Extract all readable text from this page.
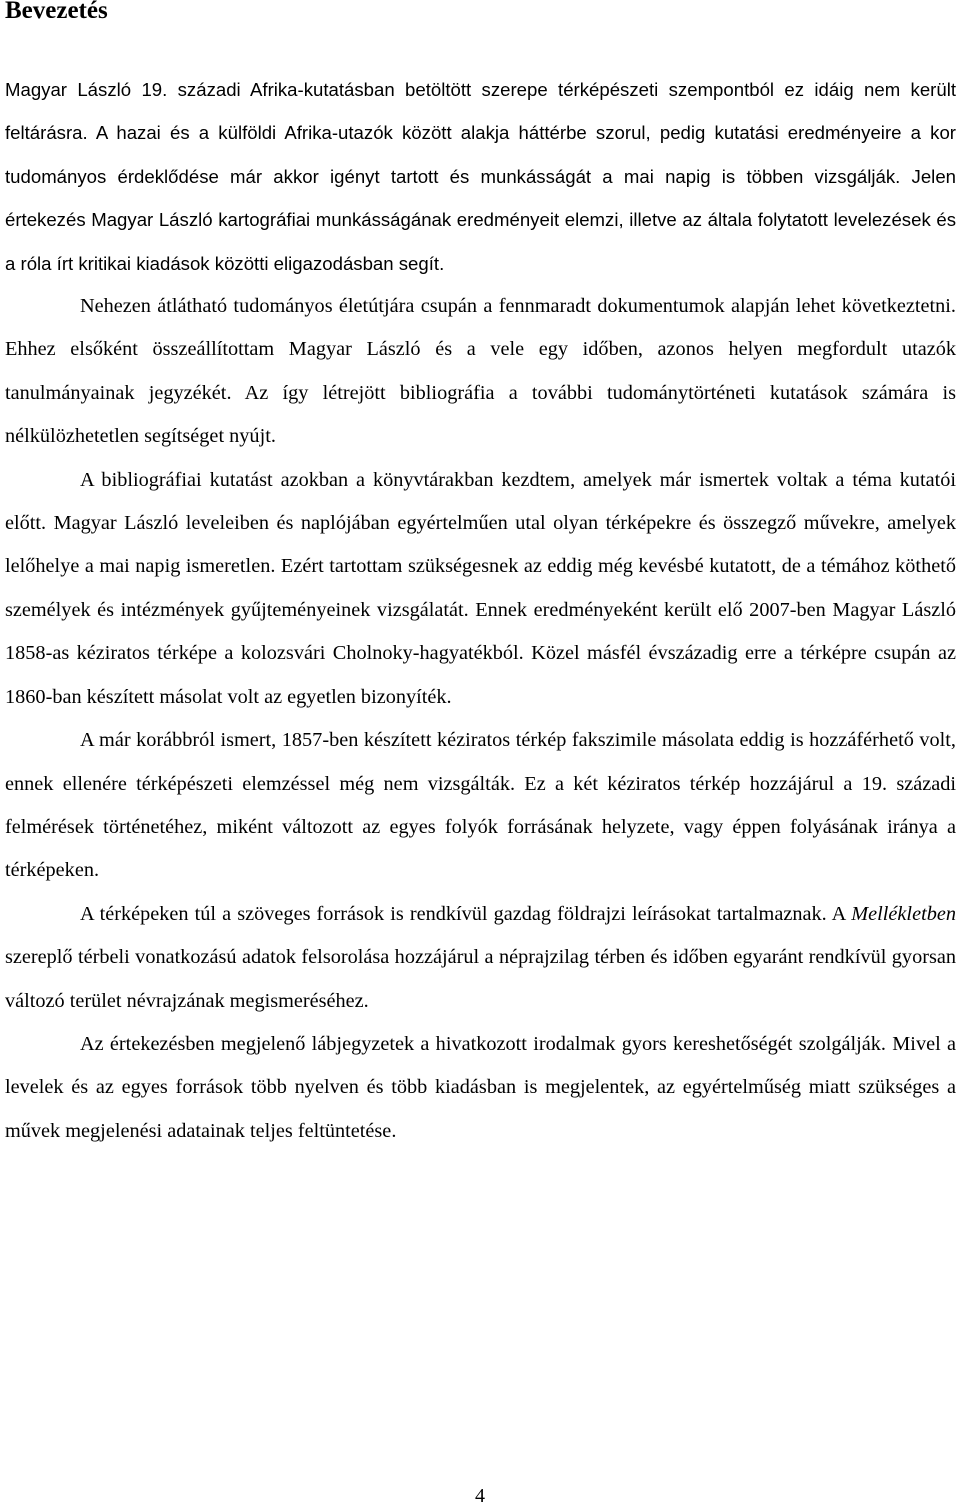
Bevezetés

Magyar László 19. századi Afrika-kutatásban betöltött szerepe térképészeti szempontból ez idáig nem került feltárásra. A hazai és a külföldi Afrika-utazók között alakja háttérbe szorul, pedig kutatási eredményeire a kor tudományos érdeklődése már akkor igényt tartott és munkásságát a mai napig is többen vizsgálják. Jelen értekezés Magyar László kartográfiai munkásságának eredményeit elemzi, illetve az általa folytatott levelezések és a róla írt kritikai kiadások közötti eligazodásban segít.

Nehezen átlátható tudományos életútjára csupán a fennmaradt dokumentumok alapján lehet következtetni. Ehhez elsőként összeállítottam Magyar László és a vele egy időben, azonos helyen megfordult utazók tanulmányainak jegyzékét. Az így létrejött bibliográfia a további tudománytörténeti kutatások számára is nélkülözhetetlen segítséget nyújt.

A bibliográfiai kutatást azokban a könyvtárakban kezdtem, amelyek már ismertek voltak a téma kutatói előtt. Magyar László leveleiben és naplójában egyértelműen utal olyan térképekre és összegző művekre, amelyek lelőhelye a mai napig ismeretlen. Ezért tartottam szükségesnek az eddig még kevésbé kutatott, de a témához köthető személyek és intézmények gyűjteményeinek vizsgálatát. Ennek eredményeként került elő 2007-ben Magyar László 1858-as kéziratos térképe a kolozsvári Cholnoky-hagyatékból. Közel másfél évszázadig erre a térképre csupán az 1860-ban készített másolat volt az egyetlen bizonyíték.

A már korábbról ismert, 1857-ben készített kéziratos térkép fakszimile másolata eddig is hozzáférhető volt, ennek ellenére térképészeti elemzéssel még nem vizsgálták. Ez a két kéziratos térkép hozzájárul a 19. századi felmérések történetéhez, miként változott az egyes folyók forrásának helyzete, vagy éppen folyásának iránya a térképeken.

A térképeken túl a szöveges források is rendkívül gazdag földrajzi leírásokat tartalmaznak. A Mellékletben szereplő térbeli vonatkozású adatok felsorolása hozzájárul a néprajzilag térben és időben egyaránt rendkívül gyorsan változó terület névrajzának megismeréséhez.

Az értekezésben megjelenő lábjegyzetek a hivatkozott irodalmak gyors kereshetőségét szolgálják. Mivel a levelek és az egyes források több nyelven és több kiadásban is megjelentek, az egyértelműség miatt szükséges a művek megjelenési adatainak teljes feltüntetése.

4
